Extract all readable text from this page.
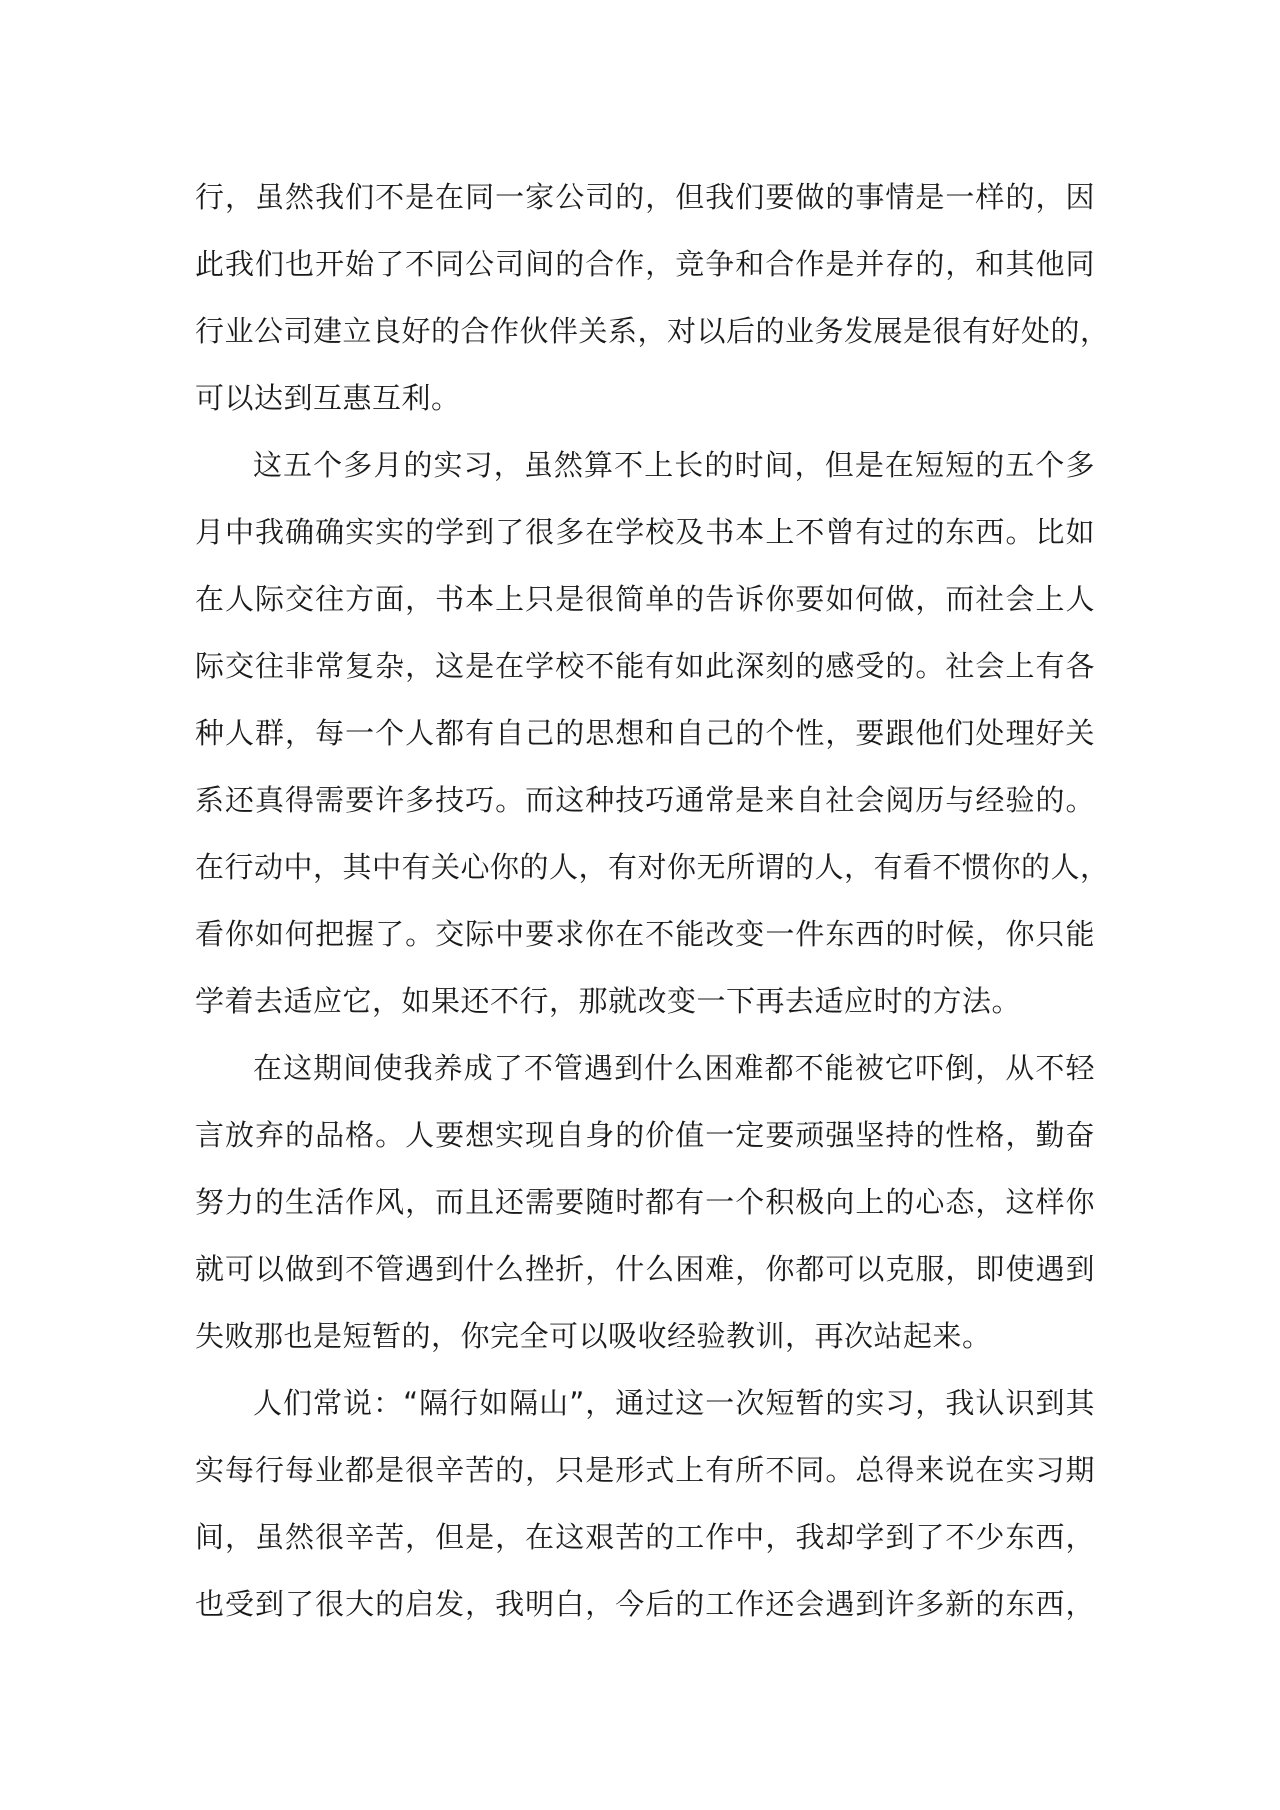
行，虽然我们不是在同一家公司的，但我们要做的事情是一样的，因
此我们也开始了不同公司间的合作，竞争和合作是并存的，和其他同
行业公司建立良好的合作伙伴关系，对以后的业务发展是很有好处的，
可以达到互惠互利。
这五个多月的实习，虽然算不上长的时间，但是在短短的五个多
月中我确确实实的学到了很多在学校及书本上不曾有过的东西。比如
在人际交往方面，书本上只是很简单的告诉你要如何做，而社会上人
际交往非常复杂，这是在学校不能有如此深刻的感受的。社会上有各
种人群，每一个人都有自己的思想和自己的个性，要跟他们处理好关
系还真得需要许多技巧。而这种技巧通常是来自社会阅历与经验的。
在行动中，其中有关心你的人，有对你无所谓的人，有看不惯你的人，
看你如何把握了。交际中要求你在不能改变一件东西的时候，你只能
学着去适应它，如果还不行，那就改变一下再去适应时的方法。
在这期间使我养成了不管遇到什么困难都不能被它吓倒，从不轻
言放弃的品格。人要想实现自身的价值一定要顽强坚持的性格，勤奋
努力的生活作风，而且还需要随时都有一个积极向上的心态，这样你
就可以做到不管遇到什么挫折，什么困难，你都可以克服，即使遇到
失败那也是短暂的，你完全可以吸收经验教训，再次站起来。
人们常说：“隔行如隔山”，通过这一次短暂的实习，我认识到其
实每行每业都是很辛苦的，只是形式上有所不同。总得来说在实习期
间，虽然很辛苦，但是，在这艰苦的工作中，我却学到了不少东西，
也受到了很大的启发，我明白，今后的工作还会遇到许多新的东西，
